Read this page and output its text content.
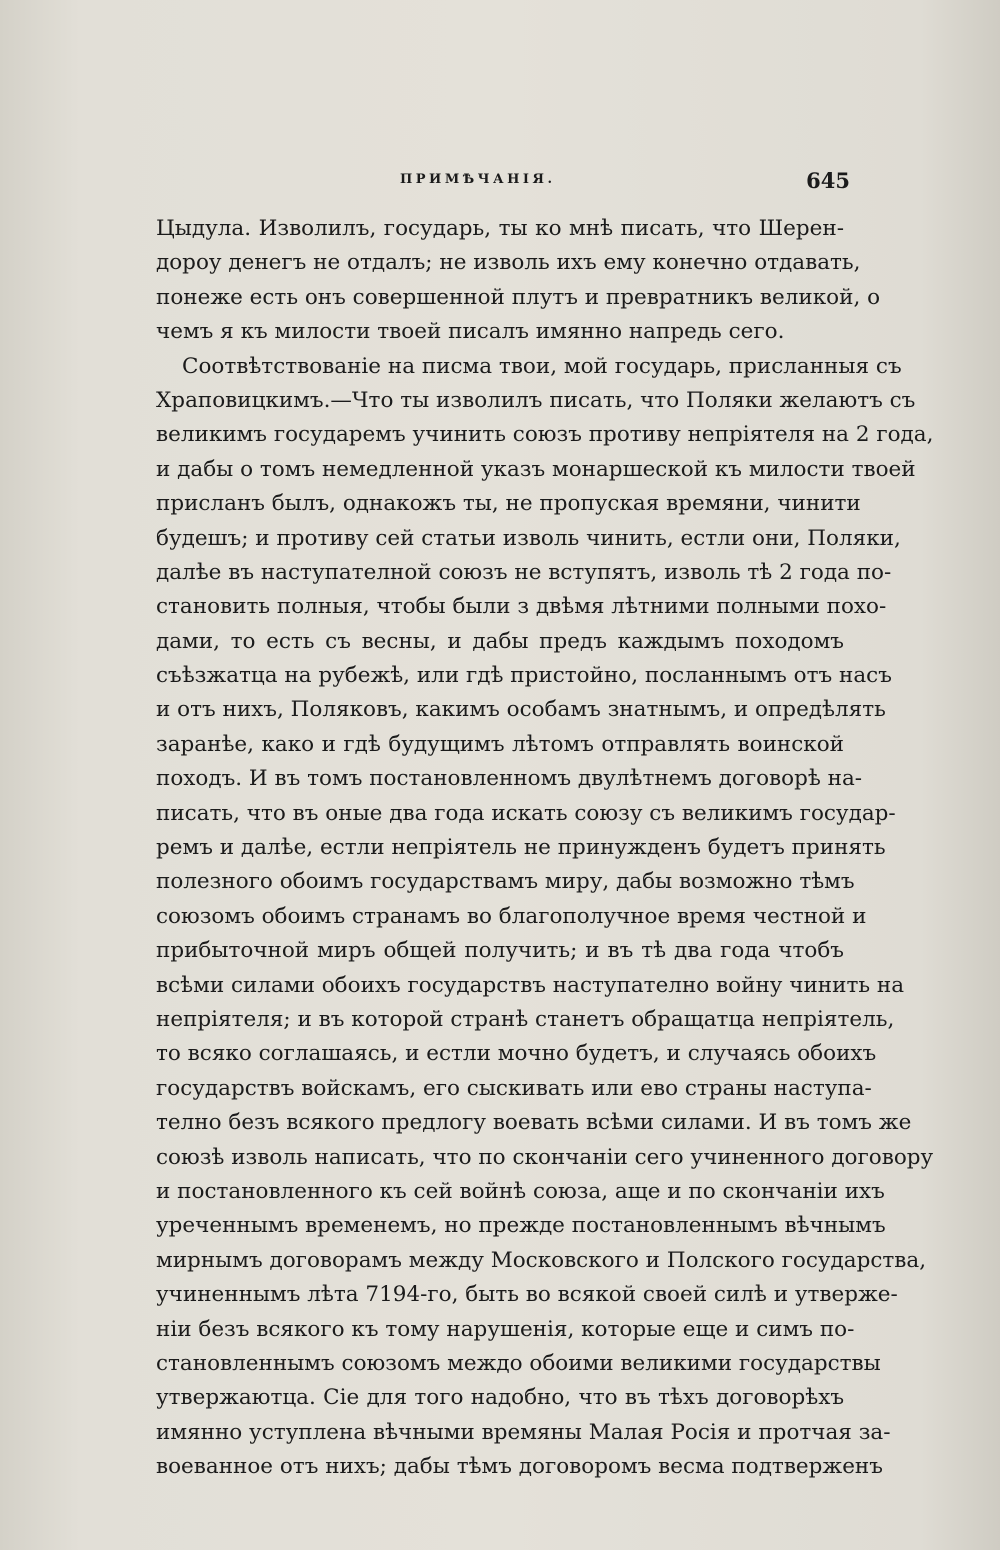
ПРИМѢЧАНІЯ.	645
Цыдула. Изволилъ, государь, ты ко мнѣ писать, что Шерен-
дороу денегъ не отдалъ; не изволь ихъ ему конечно отдавать,
понеже есть онъ совершенной плутъ и превратникъ великой, о
чемъ я къ милости твоей писалъ имянно напредь сего.
Соотвѣтствованіе на писма твои, мой государь, присланныя съ
Храповицкимъ.—Что ты изволилъ писать, что Поляки желаютъ съ
великимъ государемъ учинить союзъ противу непріятеля на 2 года,
и дабы о томъ немедленной указъ монаршеской къ милости твоей
присланъ былъ, однакожъ ты, не пропуская времяни, чинити
будешъ; и противу сей статьи изволь чинить, естли они, Поляки,
далѣе въ наступателной союзъ не вступятъ, изволь тѣ 2 года по-
становить полныя, чтобы были з двѣмя лѣтними полными похо-
дами, то есть съ весны, и дабы предъ каждымъ походомъ
съѣзжатца на рубежѣ, или гдѣ пристойно, посланнымъ отъ насъ
и отъ нихъ, Поляковъ, какимъ особамъ знатнымъ, и опредѣлять
заранѣе, како и гдѣ будущимъ лѣтомъ отправлять воинской
походъ. И въ томъ постановленномъ двулѣтнемъ договорѣ на-
писать, что въ оные два года искать союзу съ великимъ государ-
ремъ и далѣе, естли непріятель не принужденъ будетъ принять
полезного обоимъ государствамъ миру, дабы возможно тѣмъ
союзомъ обоимъ странамъ во благополучное время честной и
прибыточной миръ общей получить; и въ тѣ два года чтобъ
всѣми силами обоихъ государствъ наступателно войну чинить на
непріятеля; и въ которой странѣ станетъ обращатца непріятель,
то всяко соглашаясь, и естли мочно будетъ, и случаясь обоихъ
государствъ войскамъ, его сыскивать или ево страны наступа-
телно безъ всякого предлогу воевать всѣми силами. И въ томъ же
союзѣ изволь написать, что по скончаніи сего учиненного договору
и постановленного къ сей войнѣ союза, аще и по скончаніи ихъ
уреченнымъ временемъ, но прежде постановленнымъ вѣчнымъ
мирнымъ договорамъ между Московского и Полского государства,
учиненнымъ лѣта 7194-го, быть во всякой своей силѣ и утверже-
ніи безъ всякого къ тому нарушенія, которые еще и симъ по-
становленнымъ союзомъ междо обоими великими государствы
утвержаютца. Сіе для того надобно, что въ тѣхъ договорѣхъ
имянно уступлена вѣчными времяны Малая Росія и протчая за-
воеванное отъ нихъ; дабы тѣмъ договоромъ весма подтверженъ
